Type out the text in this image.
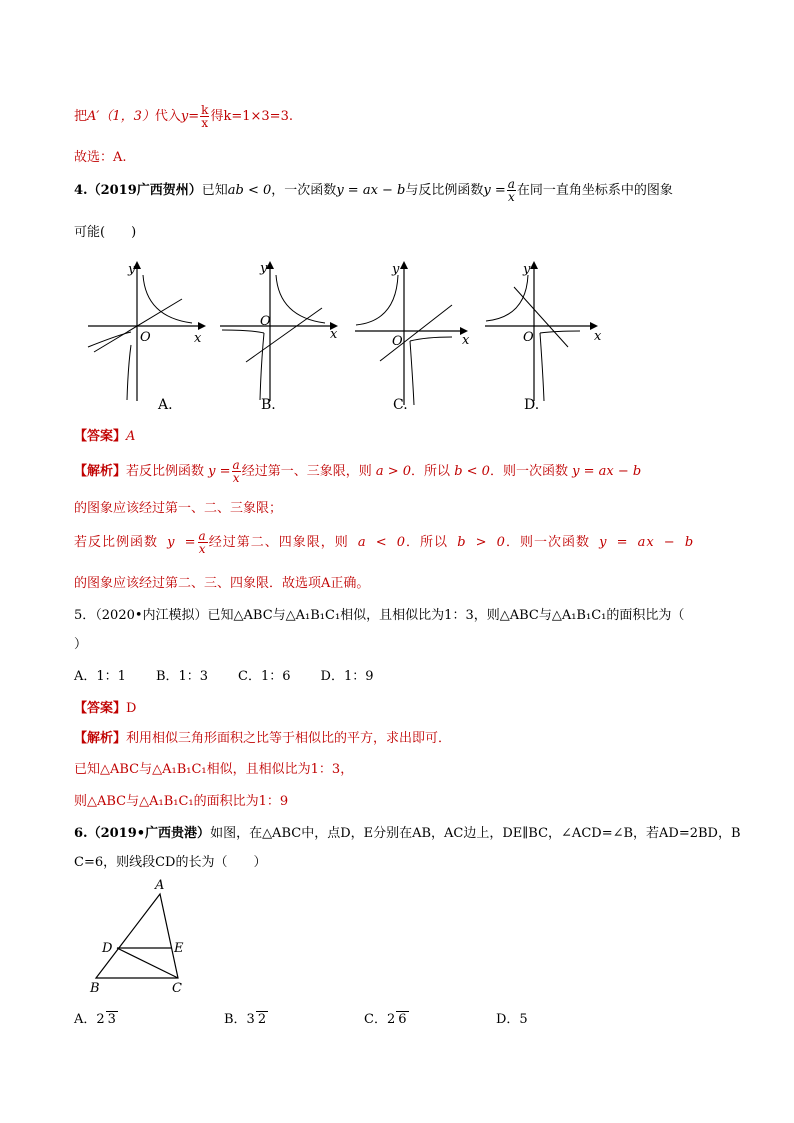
把A′（1，3）代入$y= \frac{k}{x}$ 得k=1×3=3.
故选：A.
4.（2019广西贺州）已知ab < 0，一次函数y = ax − b与反比例函数$y = \frac{a}{x}$ 在同一直角坐标系中的图象
可能(　　)
y
x
O
A.
y
x
O
B.
y
x
O
C.
y
x
O
D.
【答案】A
【解析】若反比例函数 $y = \frac{a}{x}$ 经过第一、三象限，则 a > 0．所以 b < 0．则一次函数 y = ax − b
的图象应该经过第一、二、三象限；
若反比例函数 $y = \frac{a}{x}$ 经过第二、四象限，则 a < 0．所以 b > 0．则一次函数 y = ax − b
的图象应该经过第二、三、四象限．故选项A正确。
5．（2020•内江模拟）已知△ABC与△A₁B₁C₁相似，且相似比为1：3，则△ABC与△A₁B₁C₁的面积比为（
）
A．1：1 B．1：3 C．1：6 D．1：9
【答案】D
【解析】利用相似三角形面积之比等于相似比的平方，求出即可．
已知△ABC与△A₁B₁C₁相似，且相似比为1：3，
则△ABC与△A₁B₁C₁的面积比为1：9
6.（2019•广西贵港）如图，在△ABC中，点D，E分别在AB，AC边上，DE∥BC，∠ACD=∠B，若AD=2BD，B
C=6，则线段CD的长为（　　）
A
D	E
B	C
A．2 3	B．3 2	C．2 6	D．5
